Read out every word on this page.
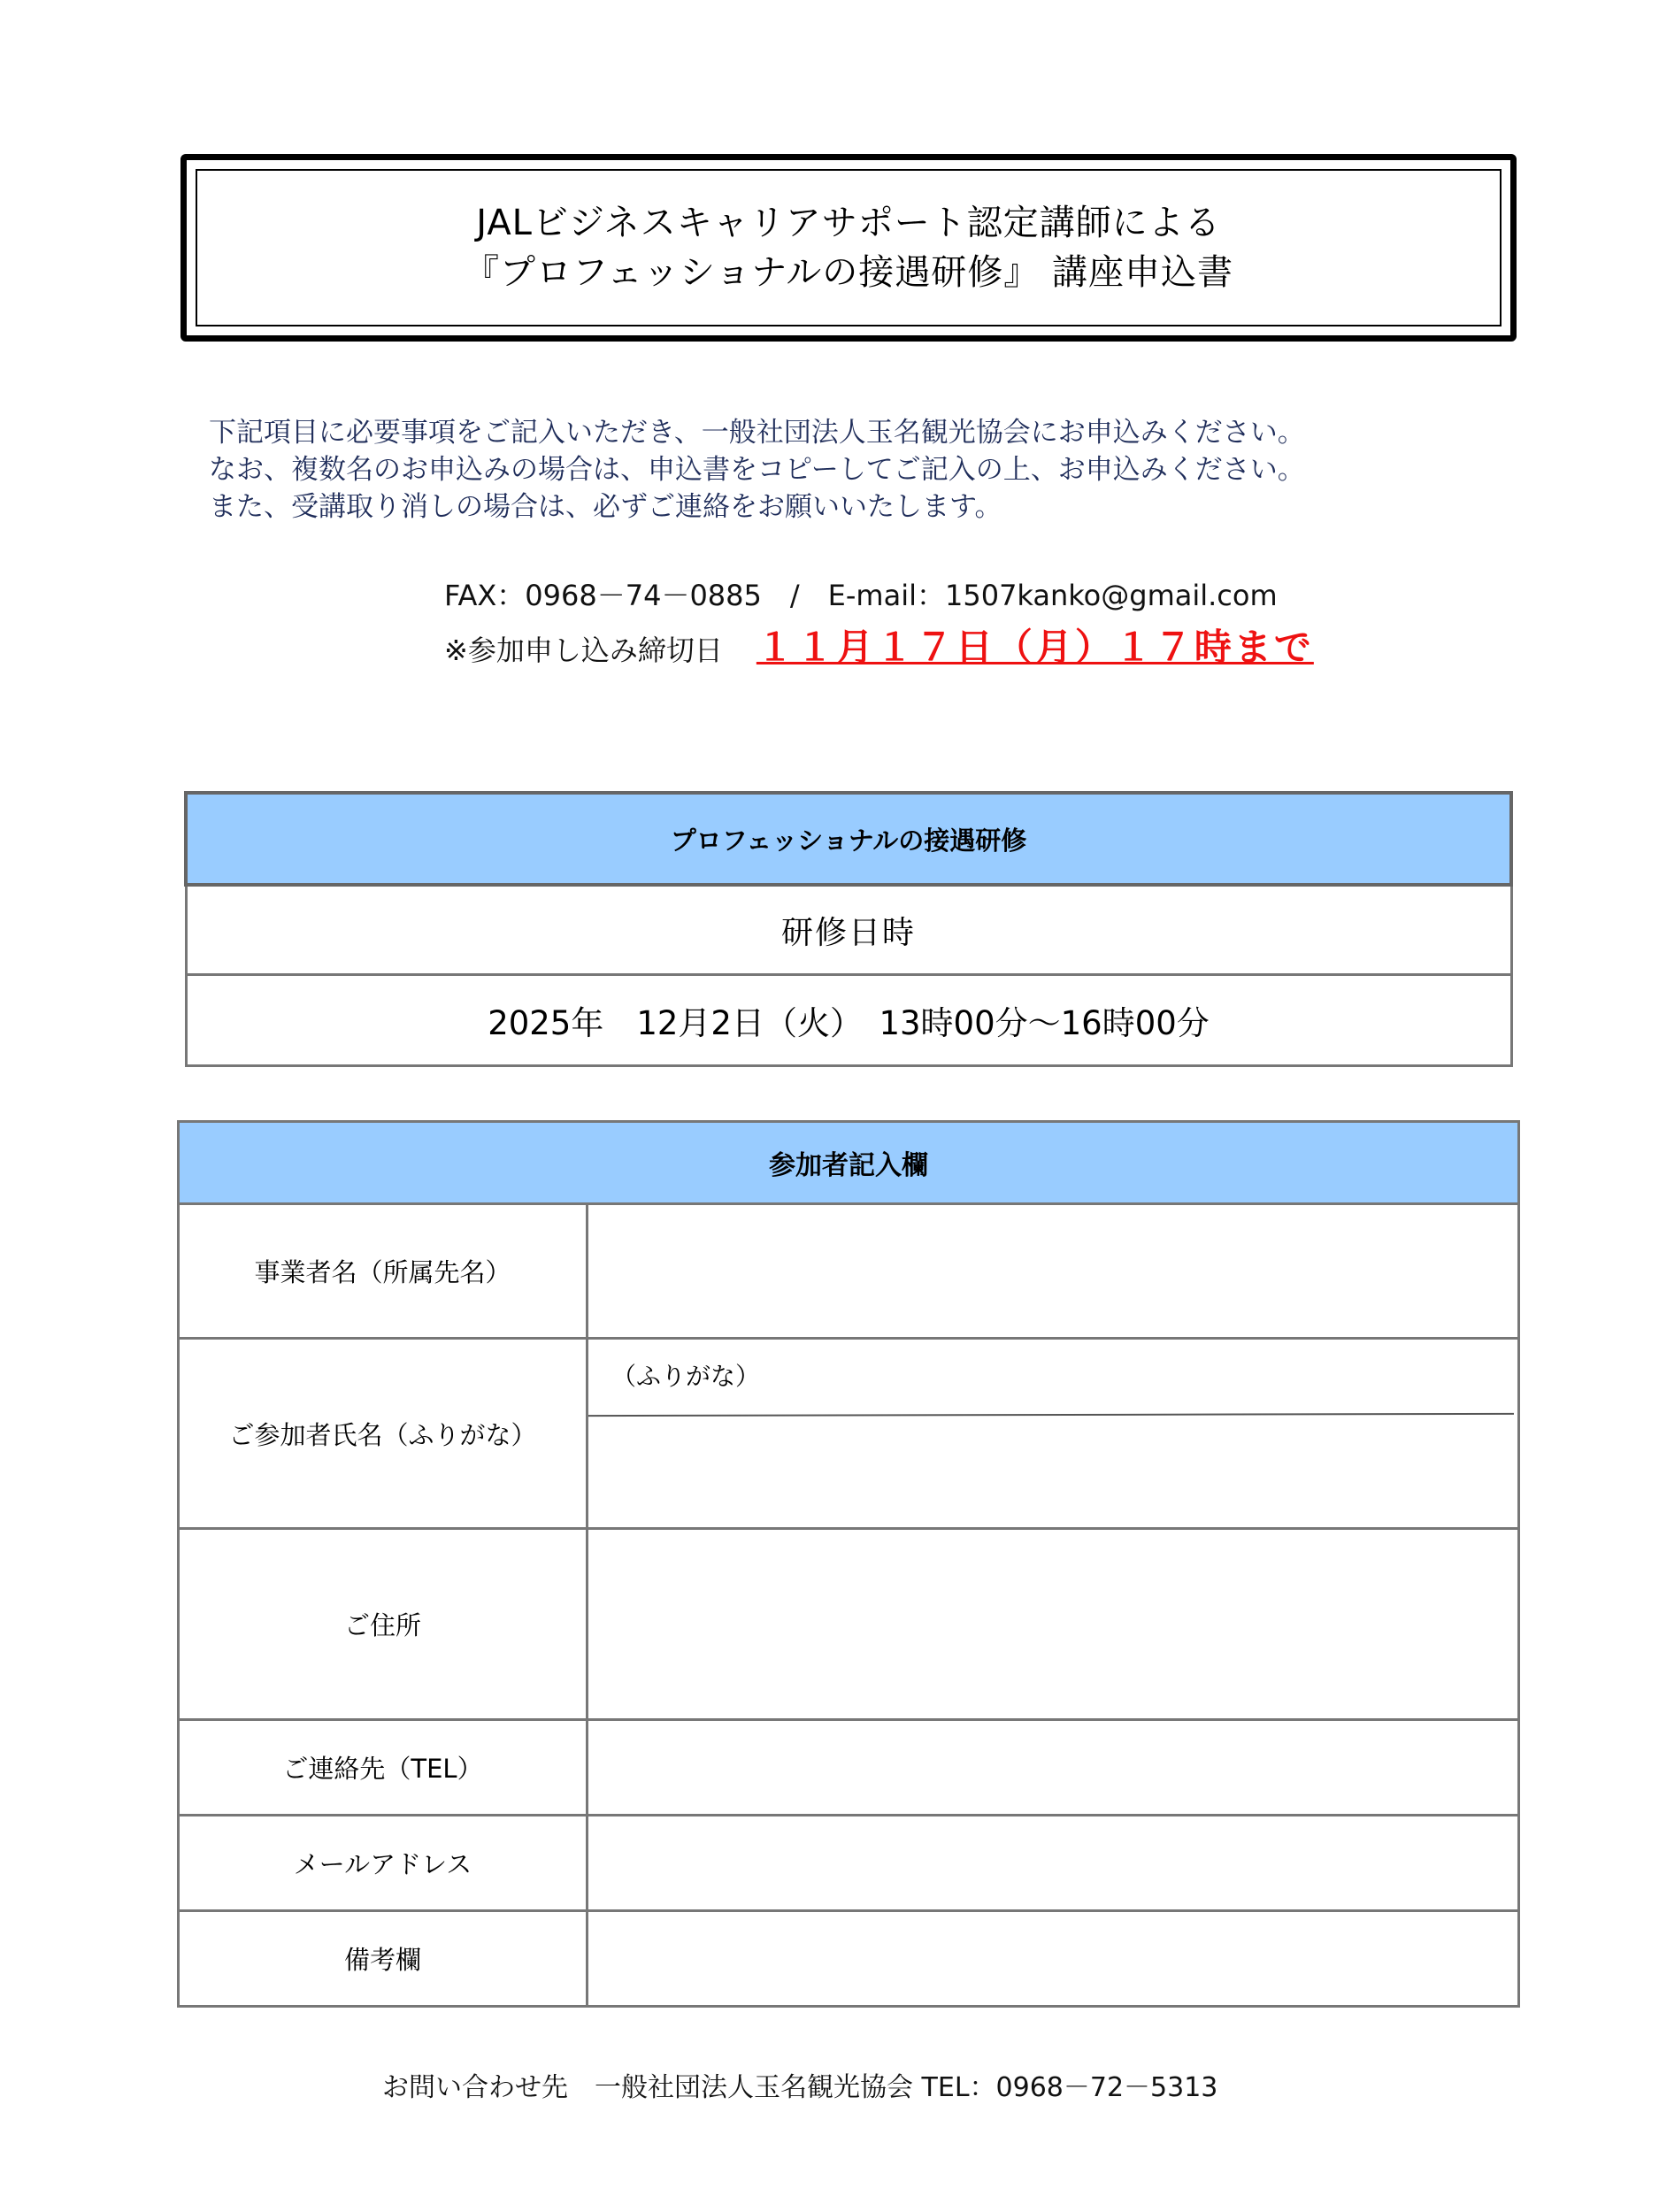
JALビジネスキャリアサポート認定講師による
『プロフェッショナルの接遇研修』 講座申込書
下記項目に必要事項をご記入いただき、一般社団法人玉名観光協会にお申込みください。
なお、複数名のお申込みの場合は、申込書をコピーしてご記入の上、お申込みください。
また、受講取り消しの場合は、必ずご連絡をお願いいたします。
FAX：0968－74－0885　/　E-mail：1507kanko@gmail.com
※参加申し込み締切日 １１月１７日（月）１７時まで
プロフェッショナルの接遇研修
研修日時
2025年　12月2日（火）　13時00分～16時00分
参加者記入欄	
事業者名（所属先名）	
ご参加者氏名（ふりがな）	（ふりがな）

ご住所	
ご連絡先（TEL）	
メールアドレス	
備考欄	
お問い合わせ先　一般社団法人玉名観光協会 TEL：0968－72－5313
